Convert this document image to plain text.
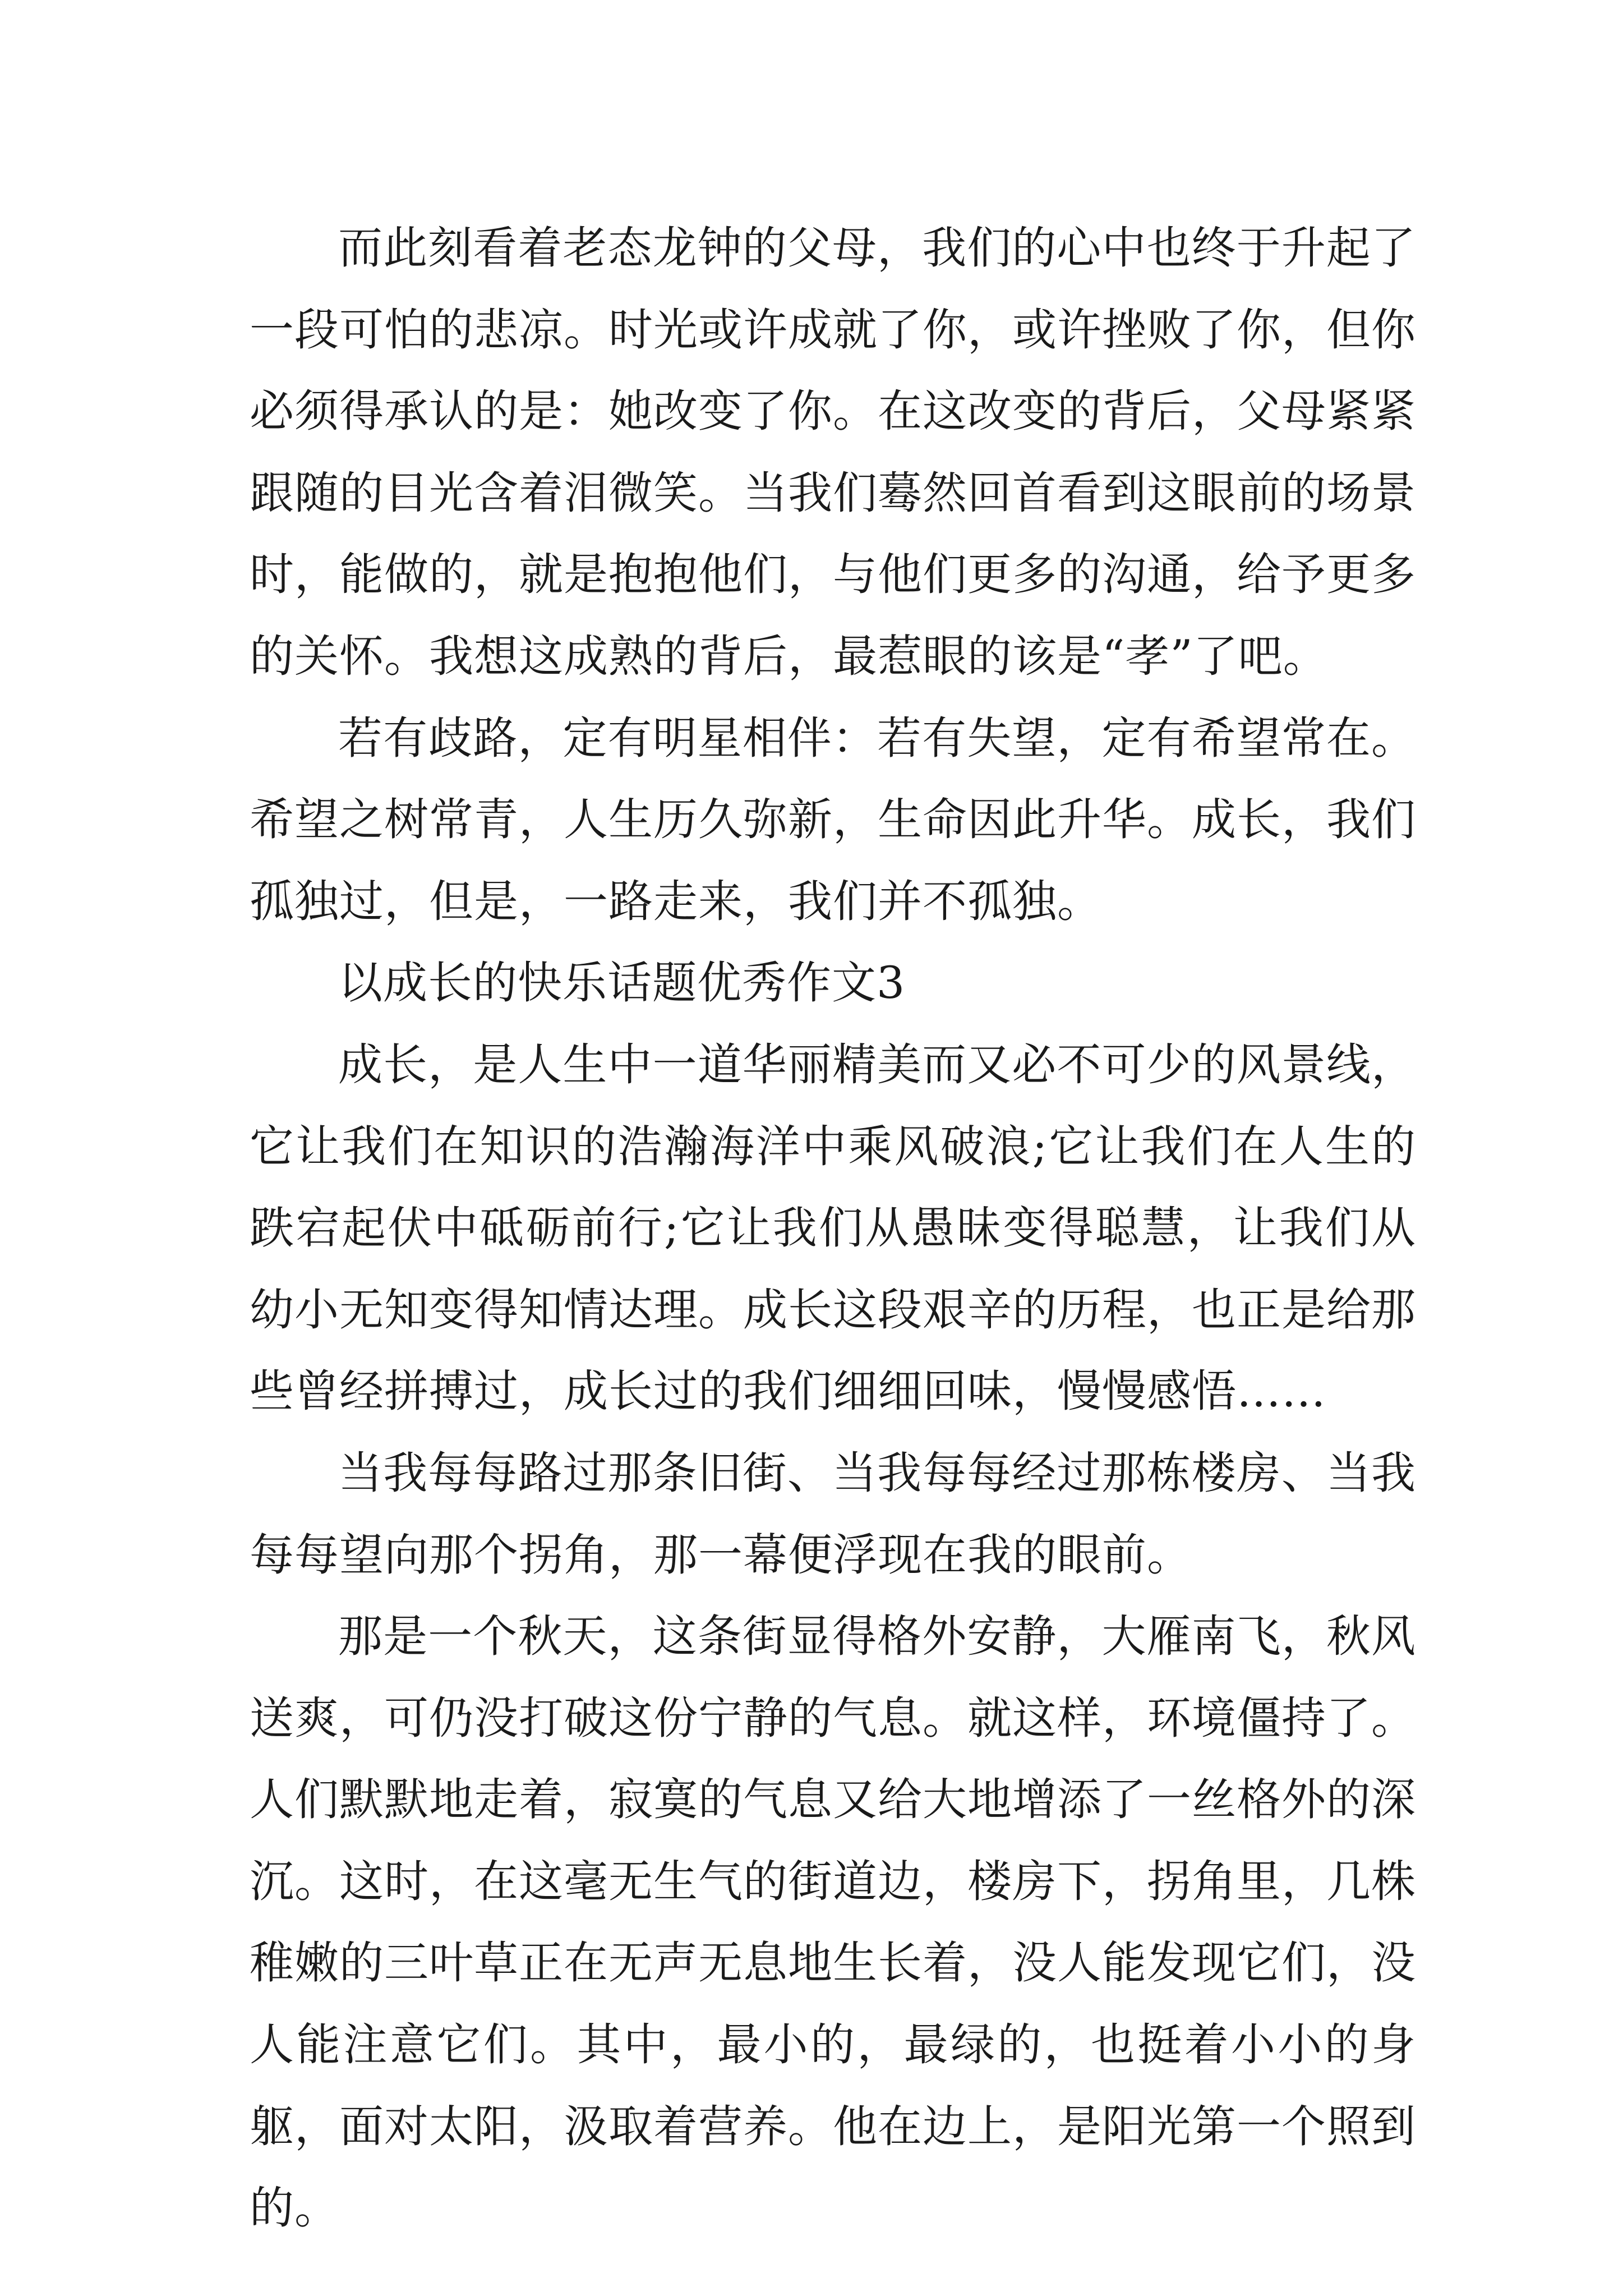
而此刻看着老态龙钟的父母，我们的心中也终于升起了一段可怕的悲凉。时光或许成就了你，或许挫败了你，但你必须得承认的是：她改变了你。在这改变的背后，父母紧紧跟随的目光含着泪微笑。当我们蓦然回首看到这眼前的场景时，能做的，就是抱抱他们，与他们更多的沟通，给予更多的关怀。我想这成熟的背后，最惹眼的该是“孝”了吧。

若有歧路，定有明星相伴：若有失望，定有希望常在。希望之树常青，人生历久弥新，生命因此升华。成长，我们孤独过，但是，一路走来，我们并不孤独。

以成长的快乐话题优秀作文3

成长，是人生中一道华丽精美而又必不可少的风景线，它让我们在知识的浩瀚海洋中乘风破浪;它让我们在人生的跌宕起伏中砥砺前行;它让我们从愚昧变得聪慧，让我们从幼小无知变得知情达理。成长这段艰辛的历程，也正是给那些曾经拼搏过，成长过的我们细细回味，慢慢感悟……

当我每每路过那条旧街、当我每每经过那栋楼房、当我每每望向那个拐角，那一幕便浮现在我的眼前。

那是一个秋天，这条街显得格外安静，大雁南飞，秋风送爽，可仍没打破这份宁静的气息。就这样，环境僵持了。人们默默地走着，寂寞的气息又给大地增添了一丝格外的深沉。这时，在这毫无生气的街道边，楼房下，拐角里，几株稚嫩的三叶草正在无声无息地生长着，没人能发现它们，没人能注意它们。其中，最小的，最绿的，也挺着小小的身躯，面对太阳，汲取着营养。他在边上，是阳光第一个照到的。
